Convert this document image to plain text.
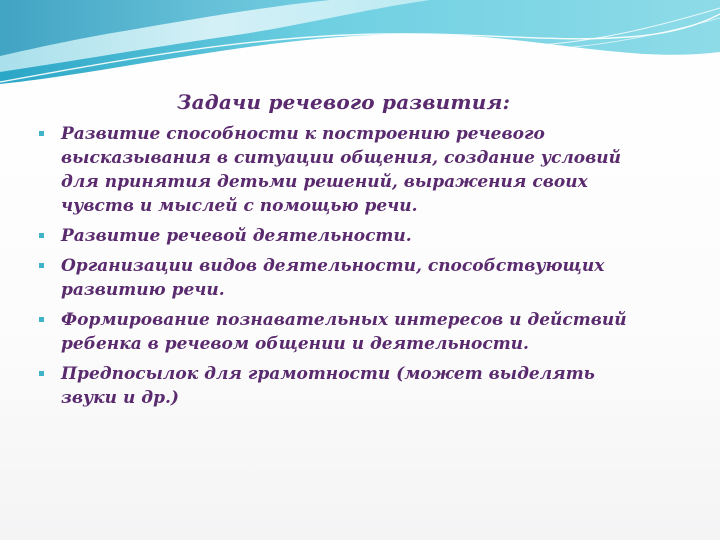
Задачи речевого развития:
Развитие способности к построению речевого высказывания в ситуации общения, создание условий для принятия детьми решений, выражения своих чувств и мыслей с помощью речи.
Развитие речевой деятельности.
Организации видов деятельности, способствующих развитию речи.
Формирование познавательных интересов и действий ребенка в речевом общении и деятельности.
Предпосылок для грамотности (может выделять звуки и др.)
